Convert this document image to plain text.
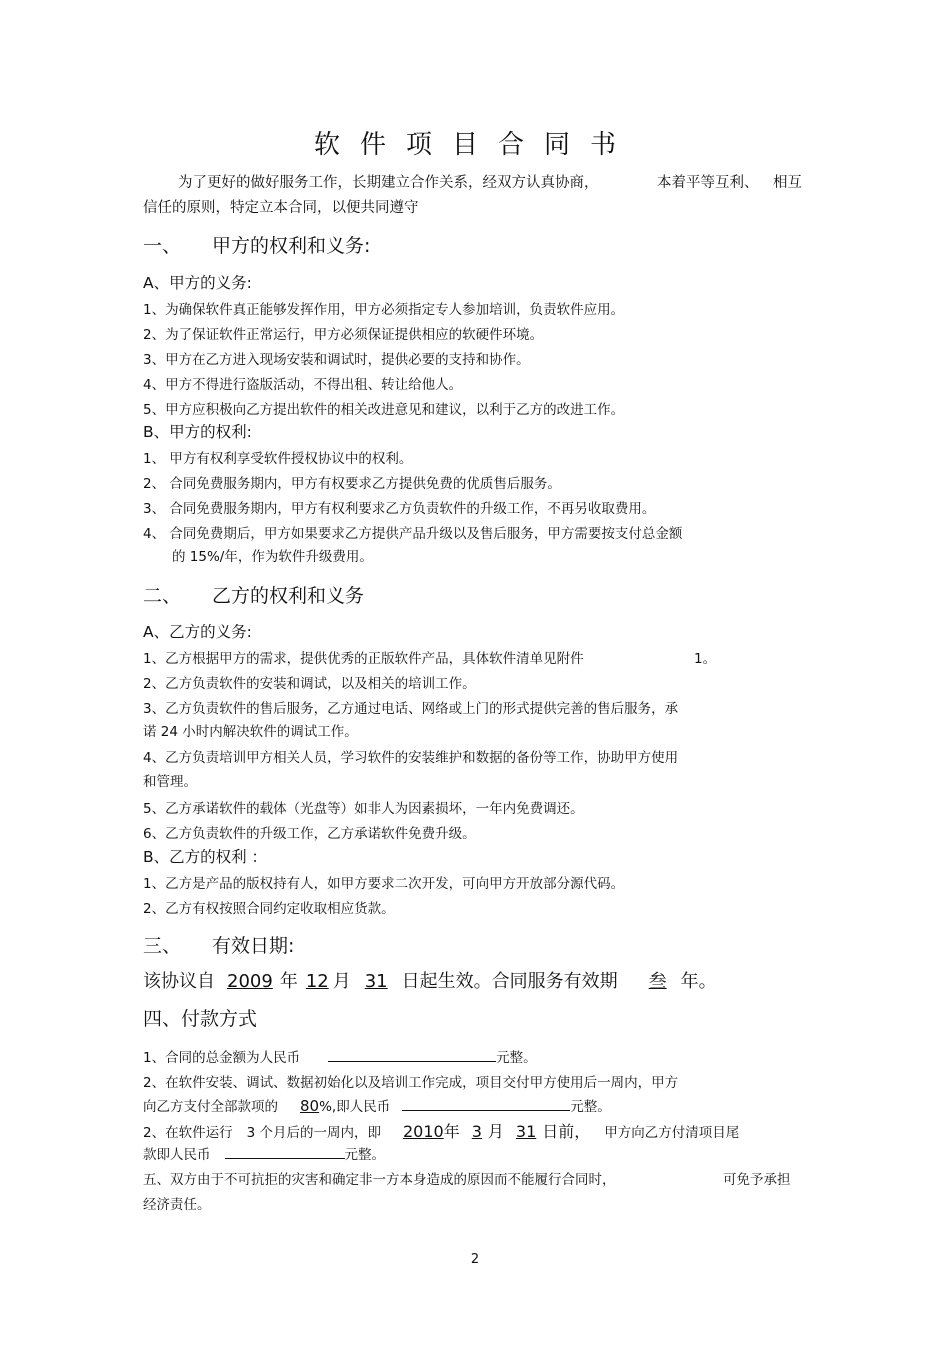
软件项目合同书
为了更好的做好服务工作，长期建立合作关系，经双方认真协商，	本着平等互利、 相互
信任的原则，特定立本合同，以便共同遵守
一、 甲方的权利和义务:
A、甲方的义务:
1、为确保软件真正能够发挥作用，甲方必须指定专人参加培训，负责软件应用。
2、为了保证软件正常运行，甲方必须保证提供相应的软硬件环境。
3、甲方在乙方进入现场安装和调试时，提供必要的支持和协作。
4、甲方不得进行盗版活动，不得出租、转让给他人。
5、甲方应积极向乙方提出软件的相关改进意见和建议，以利于乙方的改进工作。
B、甲方的权利:
1、 甲方有权利享受软件授权协议中的权利。
2、 合同免费服务期内，甲方有权要求乙方提供免费的优质售后服务。
3、 合同免费服务期内，甲方有权利要求乙方负责软件的升级工作，不再另收取费用。
4、 合同免费期后，甲方如果要求乙方提供产品升级以及售后服务，甲方需要按支付总金额
的 15%/年，作为软件升级费用。
二、 乙方的权利和义务
A、乙方的义务:
1、乙方根据甲方的需求，提供优秀的正版软件产品，具体软件清单见附件	1。
2、乙方负责软件的安装和调试，以及相关的培训工作。
3、乙方负责软件的售后服务，乙方通过电话、网络或上门的形式提供完善的售后服务，承
诺 24 小时内解决软件的调试工作。
4、乙方负责培训甲方相关人员，学习软件的安装维护和数据的备份等工作，协助甲方使用
和管理。
5、乙方承诺软件的载体（光盘等）如非人为因素损坏，一年内免费调还。
6、乙方负责软件的升级工作，乙方承诺软件免费升级。
B、乙方的权利 ：
1、乙方是产品的版权持有人，如甲方要求二次开发，可向甲方开放部分源代码。
2、乙方有权按照合同约定收取相应货款。
三、 有效日期:
该协议自 2009 年 12 月 31 日起生效。合同服务有效期 叁 年。
四、付款方式
1、合同的总金额为人民币	元整。
2、在软件安装、调试、数据初始化以及培训工作完成，项目交付甲方使用后一周内，甲方
向乙方支付全部款项的 80%,即人民币	元整。
2、在软件运行 3 个月后的一周内，即 2010年 3 月 31 日前， 甲方向乙方付清项目尾
款即人民币	元整。
五、双方由于不可抗拒的灾害和确定非一方本身造成的原因而不能履行合同时，	可免予承担
经济责任。
2
